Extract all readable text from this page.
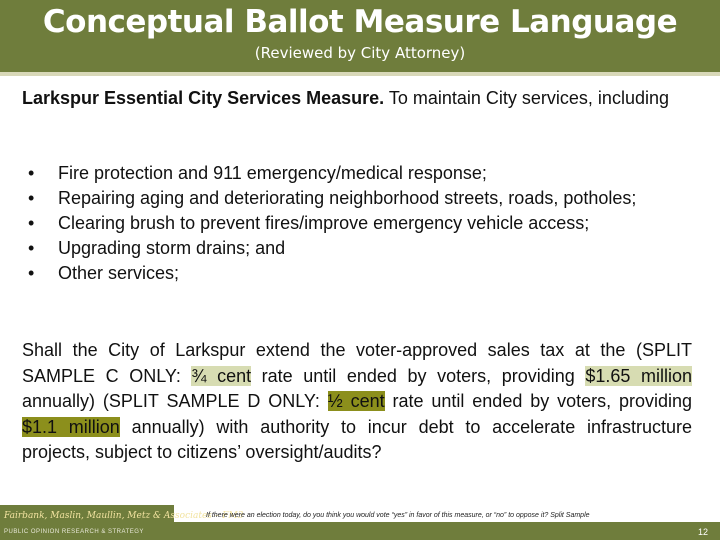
Conceptual Ballot Measure Language
(Reviewed by City Attorney)
Larkspur Essential City Services Measure. To maintain City services, including
• Fire protection and 911 emergency/medical response;
• Repairing aging and deteriorating neighborhood streets, roads, potholes;
• Clearing brush to prevent fires/improve emergency vehicle access;
• Upgrading storm drains; and
• Other services;
Shall the City of Larkspur extend the voter-approved sales tax at the (SPLIT SAMPLE C ONLY: ¾ cent rate until ended by voters, providing $1.65 million annually) (SPLIT SAMPLE D ONLY: ½ cent rate until ended by voters, providing $1.1 million annually) with authority to incur debt to accelerate infrastructure projects, subject to citizens’ oversight/audits?
Fairbank, Maslin, Maullin, Metz & Associates – FM3
PUBLIC OPINION RESEARCH & STRATEGY
If there were an election today, do you think you would vote “yes” in favor of this measure, or “no” to oppose it? Split Sample
12
